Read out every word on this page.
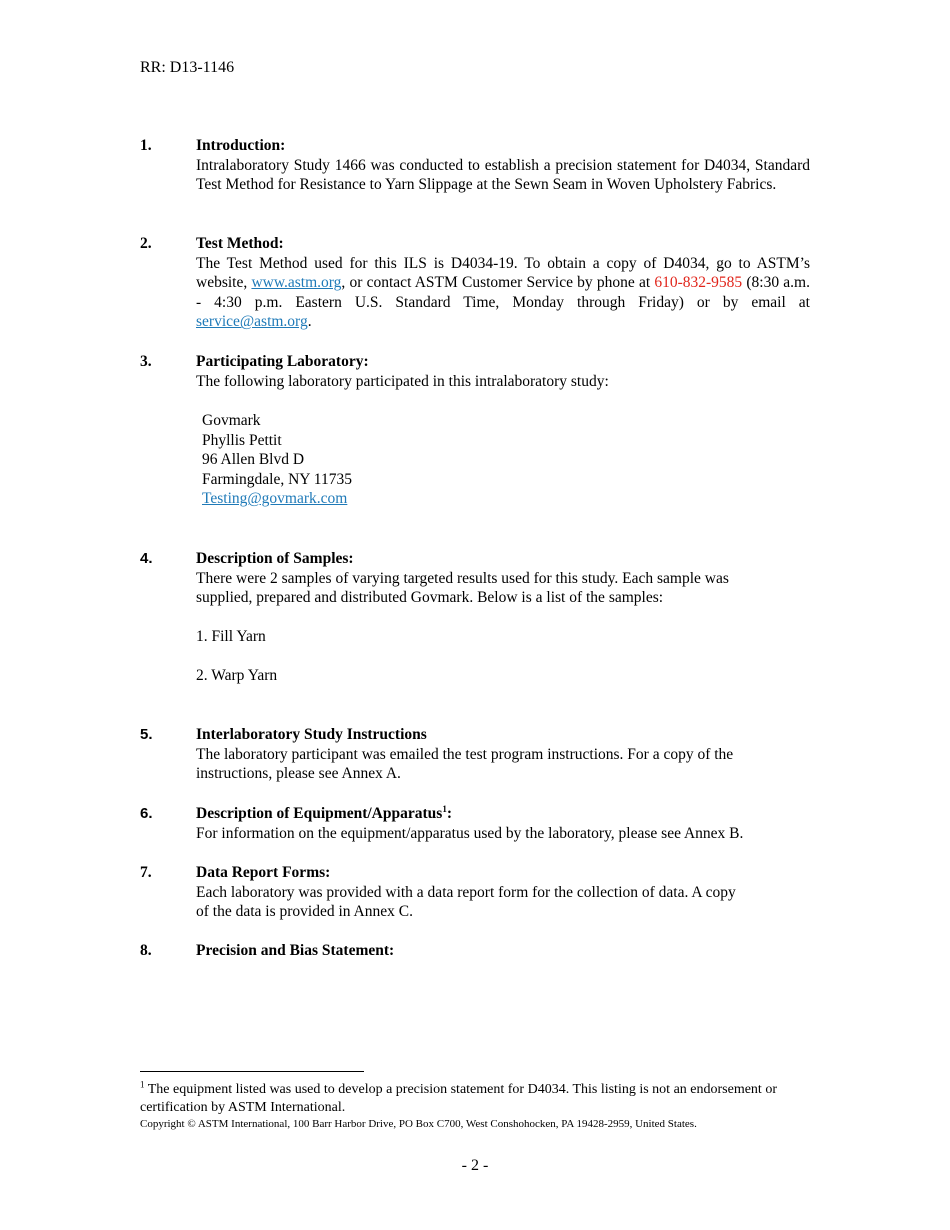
RR: D13-1146
1.	Introduction:
Intralaboratory Study 1466 was conducted to establish a precision statement for D4034, Standard Test Method for Resistance to Yarn Slippage at the Sewn Seam in Woven Upholstery Fabrics.
2.	Test Method:
The Test Method used for this ILS is D4034-19. To obtain a copy of D4034, go to ASTM’s website, www.astm.org, or contact ASTM Customer Service by phone at 610-832-9585 (8:30 a.m. - 4:30 p.m. Eastern U.S. Standard Time, Monday through Friday) or by email at service@astm.org.
3.	Participating Laboratory:
The following laboratory participated in this intralaboratory study:
Govmark
Phyllis Pettit
96 Allen Blvd D
Farmingdale, NY 11735
Testing@govmark.com
4.	Description of Samples:
There were 2 samples of varying targeted results used for this study. Each sample was
supplied, prepared and distributed Govmark. Below is a list of the samples:
1. Fill Yarn
2. Warp Yarn
5.	Interlaboratory Study Instructions
The laboratory participant was emailed the test program instructions. For a copy of the
instructions, please see Annex A.
6.	Description of Equipment/Apparatus$^1$:
For information on the equipment/apparatus used by the laboratory, please see Annex B.
7.	Data Report Forms:
Each laboratory was provided with a data report form for the collection of data. A copy
of the data is provided in Annex C.
8.	Precision and Bias Statement:
$^1$ The equipment listed was used to develop a precision statement for D4034. This listing is not an endorsement or certification by ASTM International.
Copyright © ASTM International, 100 Barr Harbor Drive, PO Box C700, West Conshohocken, PA 19428-2959, United States.
- 2 -
